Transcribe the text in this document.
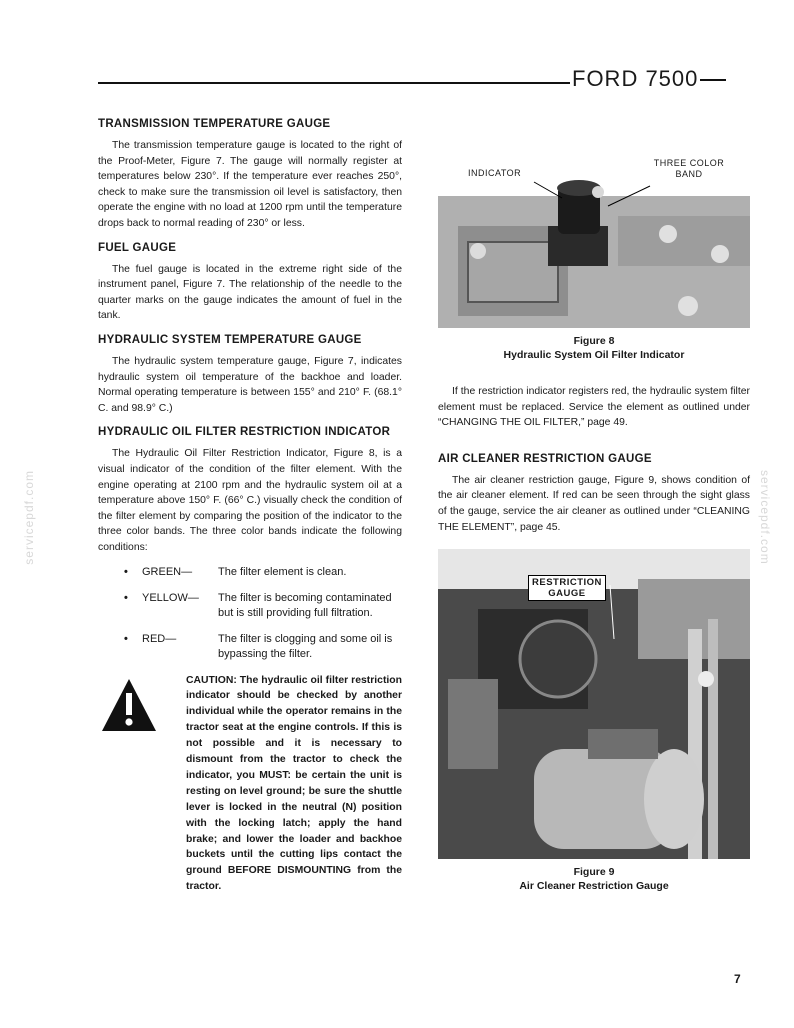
FORD 7500
servicepdf.com	servicepdf.com
TRANSMISSION TEMPERATURE GAUGE

The transmission temperature gauge is located to the right of the Proof-Meter, Figure 7. The gauge will normally register at temperatures below 230°. If the temperature ever reaches 250°, check to make sure the transmission oil level is satisfactory, then operate the engine with no load at 1200 rpm until the temperature drops back to normal reading of 230° or less.

FUEL GAUGE

The fuel gauge is located in the extreme right side of the instrument panel, Figure 7. The relationship of the needle to the quarter marks on the gauge indicates the amount of fuel in the tank.

HYDRAULIC SYSTEM TEMPERATURE GAUGE

The hydraulic system temperature gauge, Figure 7, indicates hydraulic system oil temperature of the backhoe and loader. Normal operating temperature is between 155° and 210° F. (68.1° C. and 98.9° C.)

HYDRAULIC OIL FILTER RESTRICTION INDICATOR

The Hydraulic Oil Filter Restriction Indicator, Figure 8, is a visual indicator of the condition of the filter element. With the engine operating at 2100 rpm and the hydraulic system oil at a temperature above 150° F. (66° C.) visually check the condition of the filter element by comparing the position of the indicator to the three color bands. The three color bands indicate the following conditions:

•	GREEN—	The filter element is clean.
•	YELLOW—	The filter is becoming contaminated but is still providing full filtration.
•	RED—	The filter is clogging and some oil is bypassing the filter.
CAUTION: The hydraulic oil filter restriction indicator should be checked by another individual while the operator remains in the tractor seat at the engine controls. If this is not possible and it is necessary to dismount from the tractor to check the indicator, you MUST: be certain the unit is resting on level ground; be sure the shuttle lever is locked in the neutral (N) position with the locking latch; apply the hand brake; and lower the loader and backhoe buckets until the cutting lips contact the ground BEFORE DISMOUNTING from the tractor.
INDICATOR
THREE COLOR
BAND
Figure 8
Hydraulic System Oil Filter Indicator

If the restriction indicator registers red, the hydraulic system filter element must be replaced. Service the element as outlined under “CHANGING THE OIL FILTER,” page 49.

AIR CLEANER RESTRICTION GAUGE

The air cleaner restriction gauge, Figure 9, shows condition of the air cleaner element. If red can be seen through the sight glass of the gauge, service the air cleaner as outlined under “CLEANING THE ELEMENT”, page 45.

RESTRICTION
GAUGE
Figure 9
Air Cleaner Restriction Gauge
7
